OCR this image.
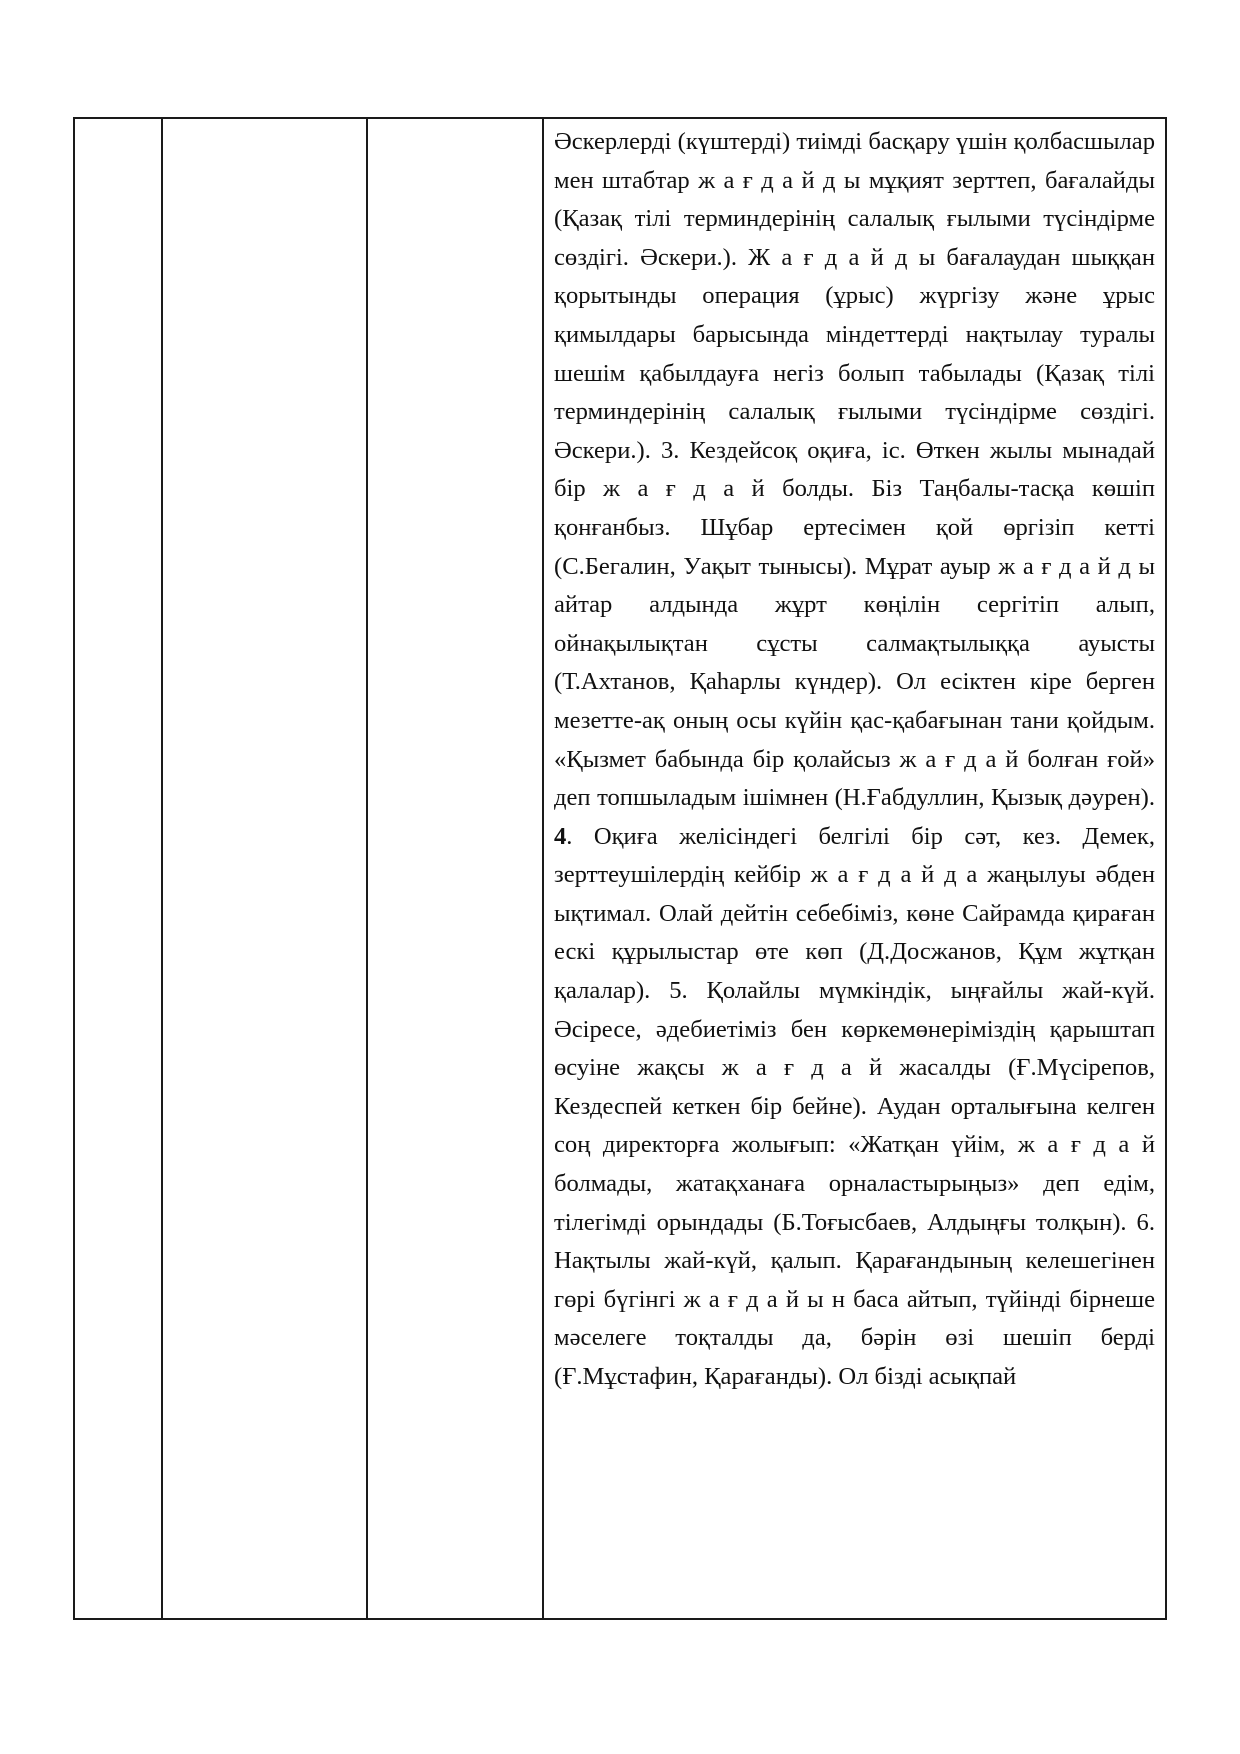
Әскерлерді (күштерді) тиімді басқару үшін қолбасшылар мен штабтар ж а ғ д а й д ы мұқият зерттеп, бағалайды (Қазақ тілі терминдерінің салалық ғылыми түсіндірме сөздігі. Әскери.). Ж а ғ д а й д ы бағалаудан шыққан қорытынды операция (ұрыс) жүргізу және ұрыс қимылдары барысында міндеттерді нақтылау туралы шешім қабылдауға негіз болып табылады (Қазақ тілі терминдерінің салалық ғылыми түсіндірме сөздігі. Әскери.). 3. Кездейсоқ оқиға, іс. Өткен жылы мынадай бір ж а ғ д а й болды. Біз Таңбалы-тасқа көшіп қонғанбыз. Шұбар ертесімен қой өргізіп кетті (С.Бегалин, Уақыт тынысы). Мұрат ауыр ж а ғ д а й д ы айтар алдында жұрт көңілін сергітіп алып, ойнақылықтан сұсты салмақтылыққа ауысты (Т.Ахтанов, Қаһарлы күндер). Ол есіктен кіре берген мезетте-ақ оның осы күйін қас-қабағынан тани қойдым. «Қызмет бабында бір қолайсыз ж а ғ д а й болған ғой» деп топшыладым ішімнен (Н.Ғабдуллин, Қызық дәурен). 4. Оқиға желісіндегі белгілі бір сәт, кез. Демек, зерттеушілердің кейбір ж а ғ д а й д а жаңылуы әбден ықтимал. Олай дейтін себебіміз, көне Сайрамда қираған ескі құрылыстар өте көп (Д.Досжанов, Құм жұтқан қалалар). 5. Қолайлы мүмкіндік, ыңғайлы жай-күй. Әсіресе, әдебиетіміз бен көркемөнеріміздің қарыштап өсуіне жақсы ж а ғ д а й жасалды (Ғ.Мүсірепов, Кездеспей кеткен бір бейне). Аудан орталығына келген соң директорға жолығып: «Жатқан үйім, ж а ғ д а й болмады, жатақханаға орналастырыңыз» деп едім, тілегімді орындады (Б.Тоғысбаев, Алдыңғы толқын). 6. Нақтылы жай-күй, қалып. Қарағандының келешегінен гөрі бүгінгі ж а ғ д а й ы н баса айтып, түйінді бірнеше мәселеге тоқталды да, бәрін өзі шешіп берді (Ғ.Мұстафин, Қарағанды). Ол бізді асықпай
